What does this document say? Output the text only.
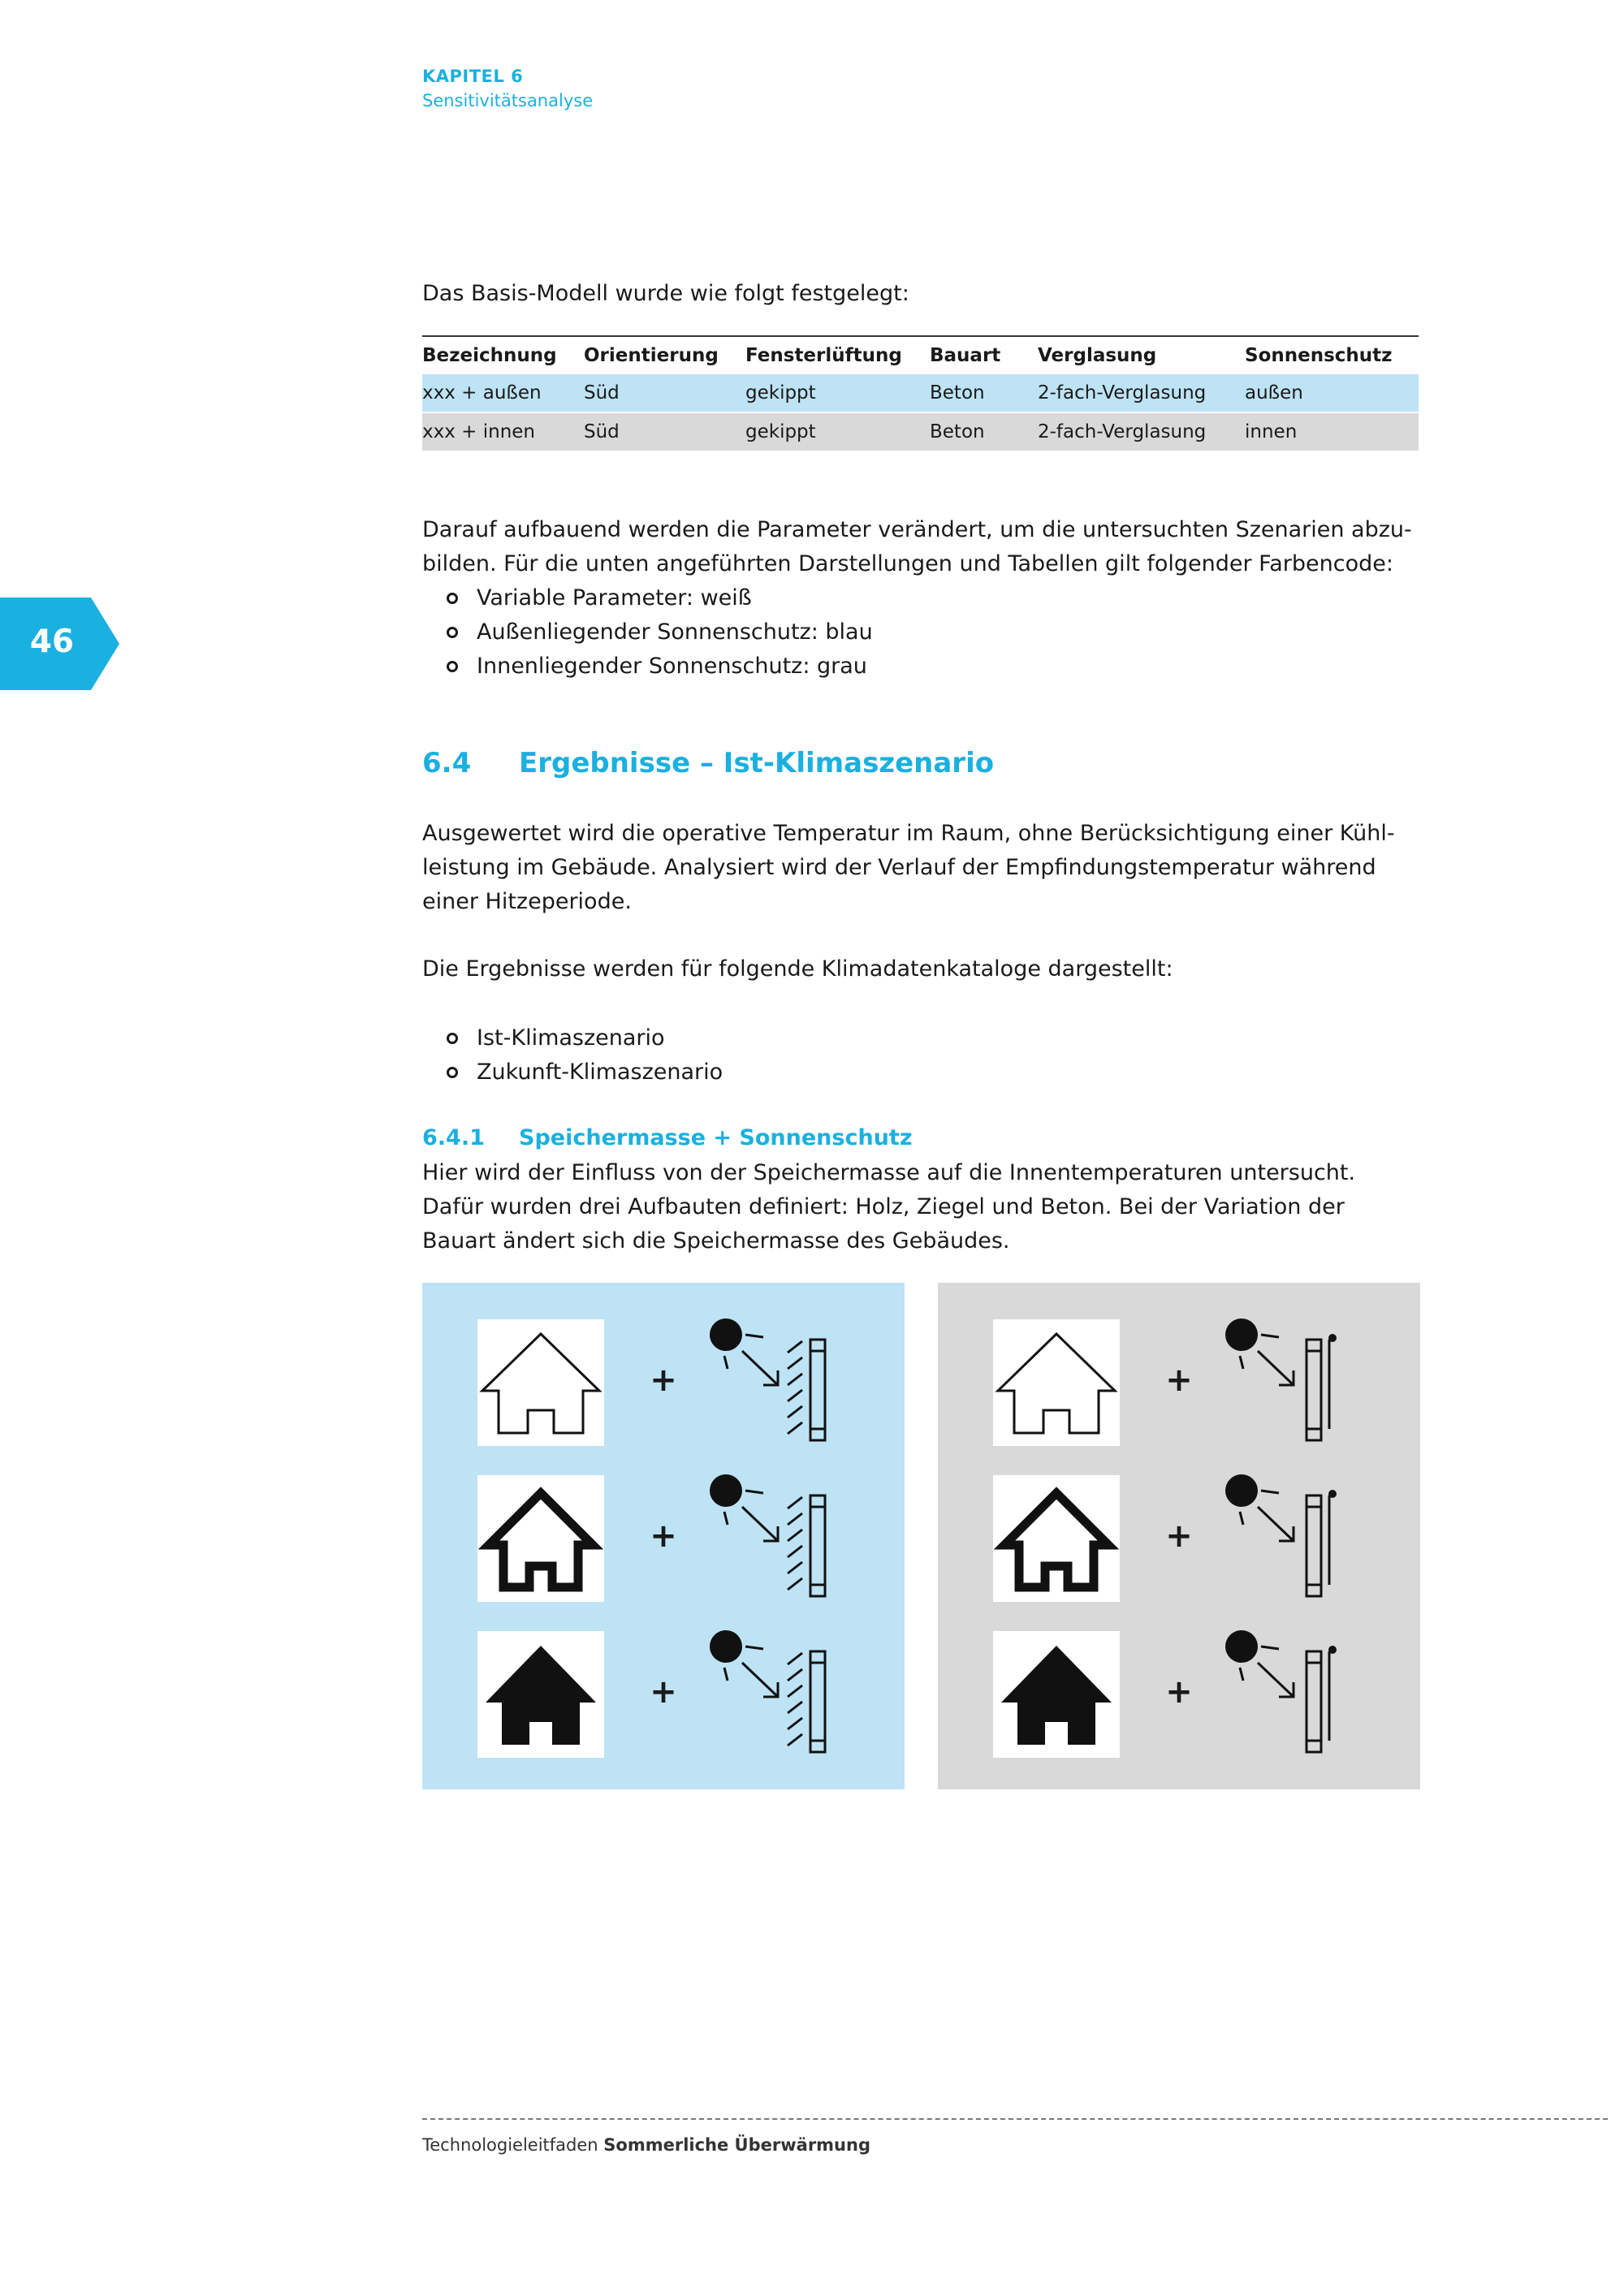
KAPITEL 6
Sensitivitätsanalyse
Das Basis-Modell wurde wie folgt festgelegt:
Bezeichnung	Orientierung	Fensterlüftung	Bauart	Verglasung	Sonnenschutz
xxx + außen	Süd	gekippt	Beton	2-fach-Verglasung	außen
xxx + innen	Süd	gekippt	Beton	2-fach-Verglasung	innen
Darauf aufbauend werden die Parameter verändert, um die untersuchten Szenarien abzubilden. Für die unten angeführten Darstellungen und Tabellen gilt folgender Farbencode:
Variable Parameter: weiß
Außenliegender Sonnenschutz: blau
Innenliegender Sonnenschutz: grau
46
6.4 Ergebnisse – Ist-Klimaszenario
Ausgewertet wird die operative Temperatur im Raum, ohne Berücksichtigung einer Kühlleistung im Gebäude. Analysiert wird der Verlauf der Empfindungstemperatur während einer Hitzeperiode.
Die Ergebnisse werden für folgende Klimadatenkataloge dargestellt:
Ist-Klimaszenario
Zukunft-Klimaszenario
6.4.1 Speichermasse + Sonnenschutz
Hier wird der Einfluss von der Speichermasse auf die Innentemperaturen untersucht. Dafür wurden drei Aufbauten definiert: Holz, Ziegel und Beton. Bei der Variation der Bauart ändert sich die Speichermasse des Gebäudes.
+
+
+
+
+
+
Technologieleitfaden Sommerliche Überwärmung
